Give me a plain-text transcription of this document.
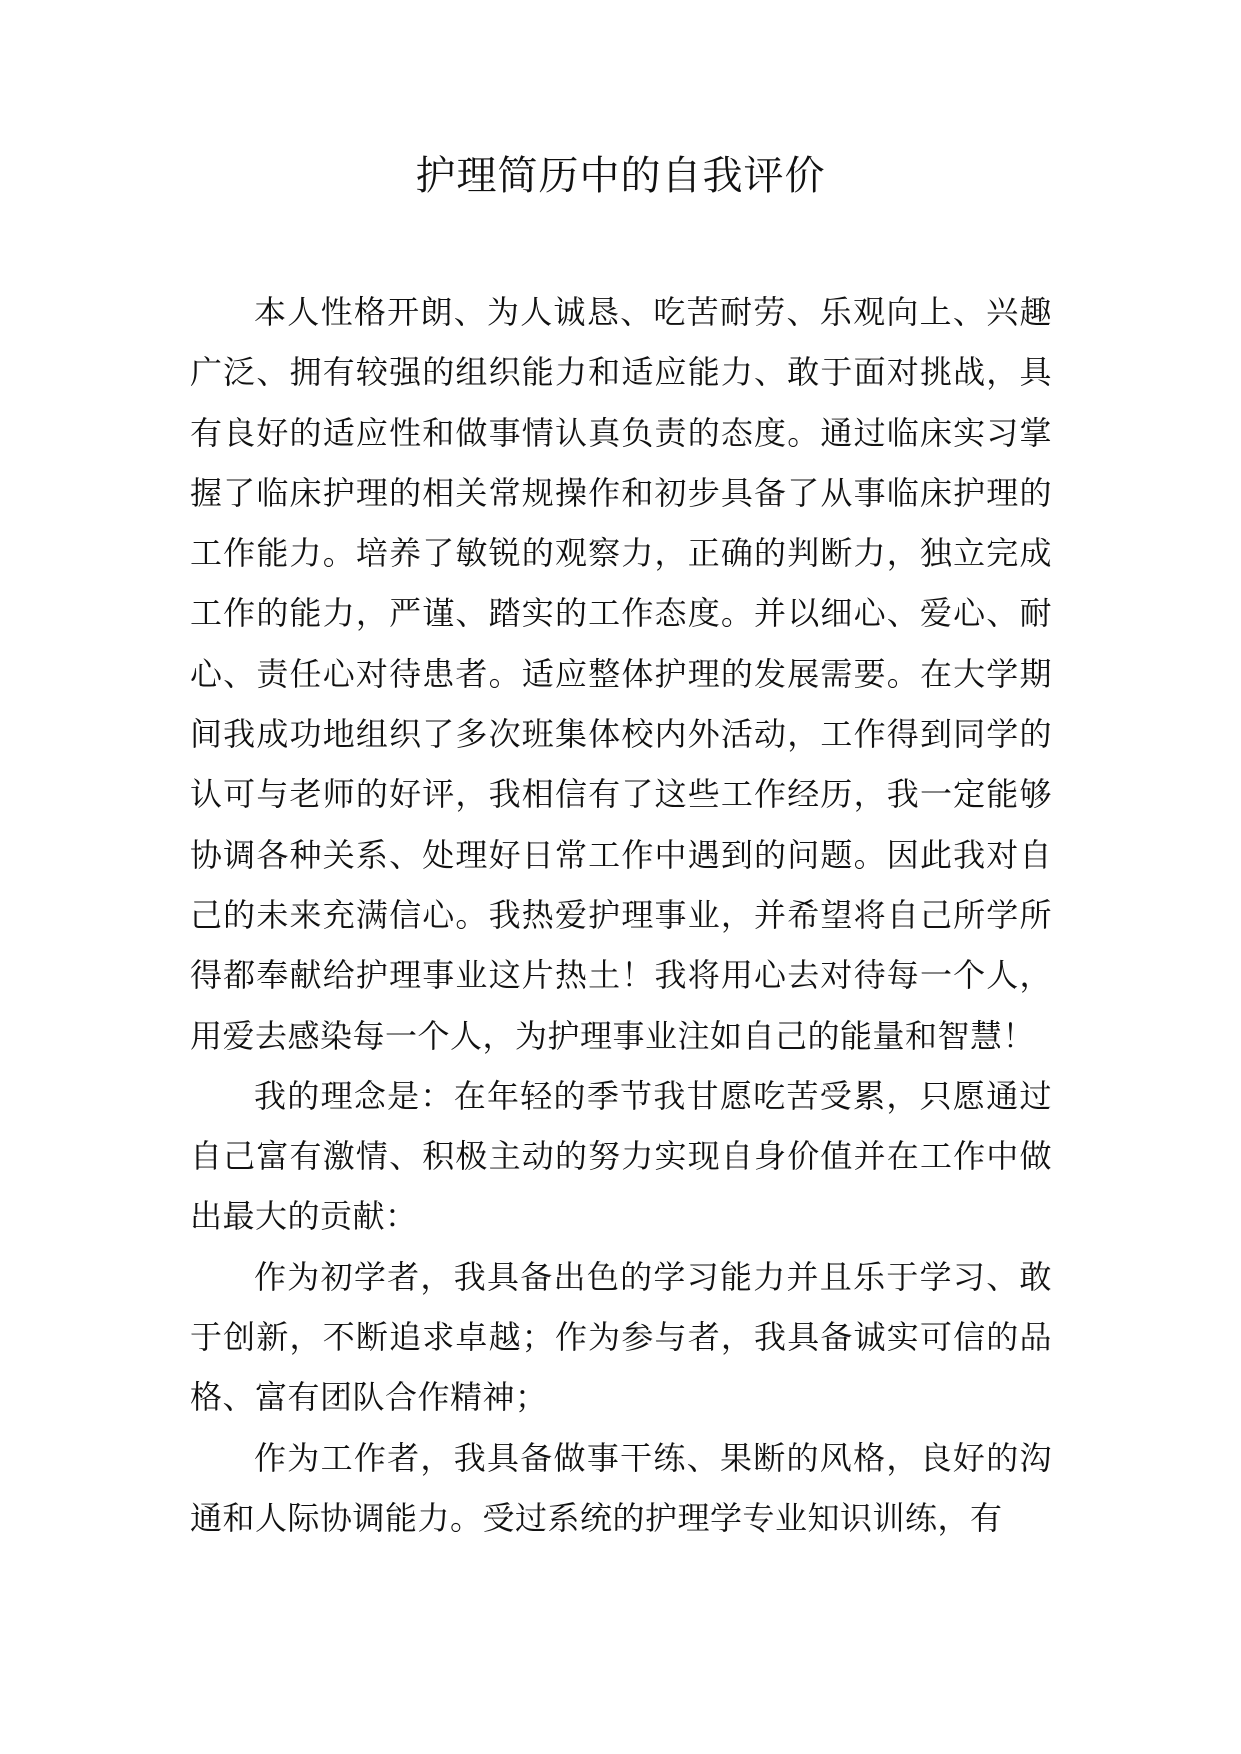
护理简历中的自我评价

本人性格开朗、为人诚恳、吃苦耐劳、乐观向上、兴趣广泛、拥有较强的组织能力和适应能力、敢于面对挑战，具有良好的适应性和做事情认真负责的态度。通过临床实习掌握了临床护理的相关常规操作和初步具备了从事临床护理的工作能力。培养了敏锐的观察力，正确的判断力，独立完成工作的能力，严谨、踏实的工作态度。并以细心、爱心、耐心、责任心对待患者。适应整体护理的发展需要。在大学期间我成功地组织了多次班集体校内外活动，工作得到同学的认可与老师的好评，我相信有了这些工作经历，我一定能够协调各种关系、处理好日常工作中遇到的问题。因此我对自己的未来充满信心。我热爱护理事业，并希望将自己所学所得都奉献给护理事业这片热土！我将用心去对待每一个人，用爱去感染每一个人，为护理事业注如自己的能量和智慧！

我的理念是：在年轻的季节我甘愿吃苦受累，只愿通过自己富有激情、积极主动的努力实现自身价值并在工作中做出最大的贡献：

作为初学者，我具备出色的学习能力并且乐于学习、敢于创新，不断追求卓越；作为参与者，我具备诚实可信的品格、富有团队合作精神；

作为工作者，我具备做事干练、果断的风格，良好的沟通和人际协调能力。受过系统的护理学专业知识训练，有
